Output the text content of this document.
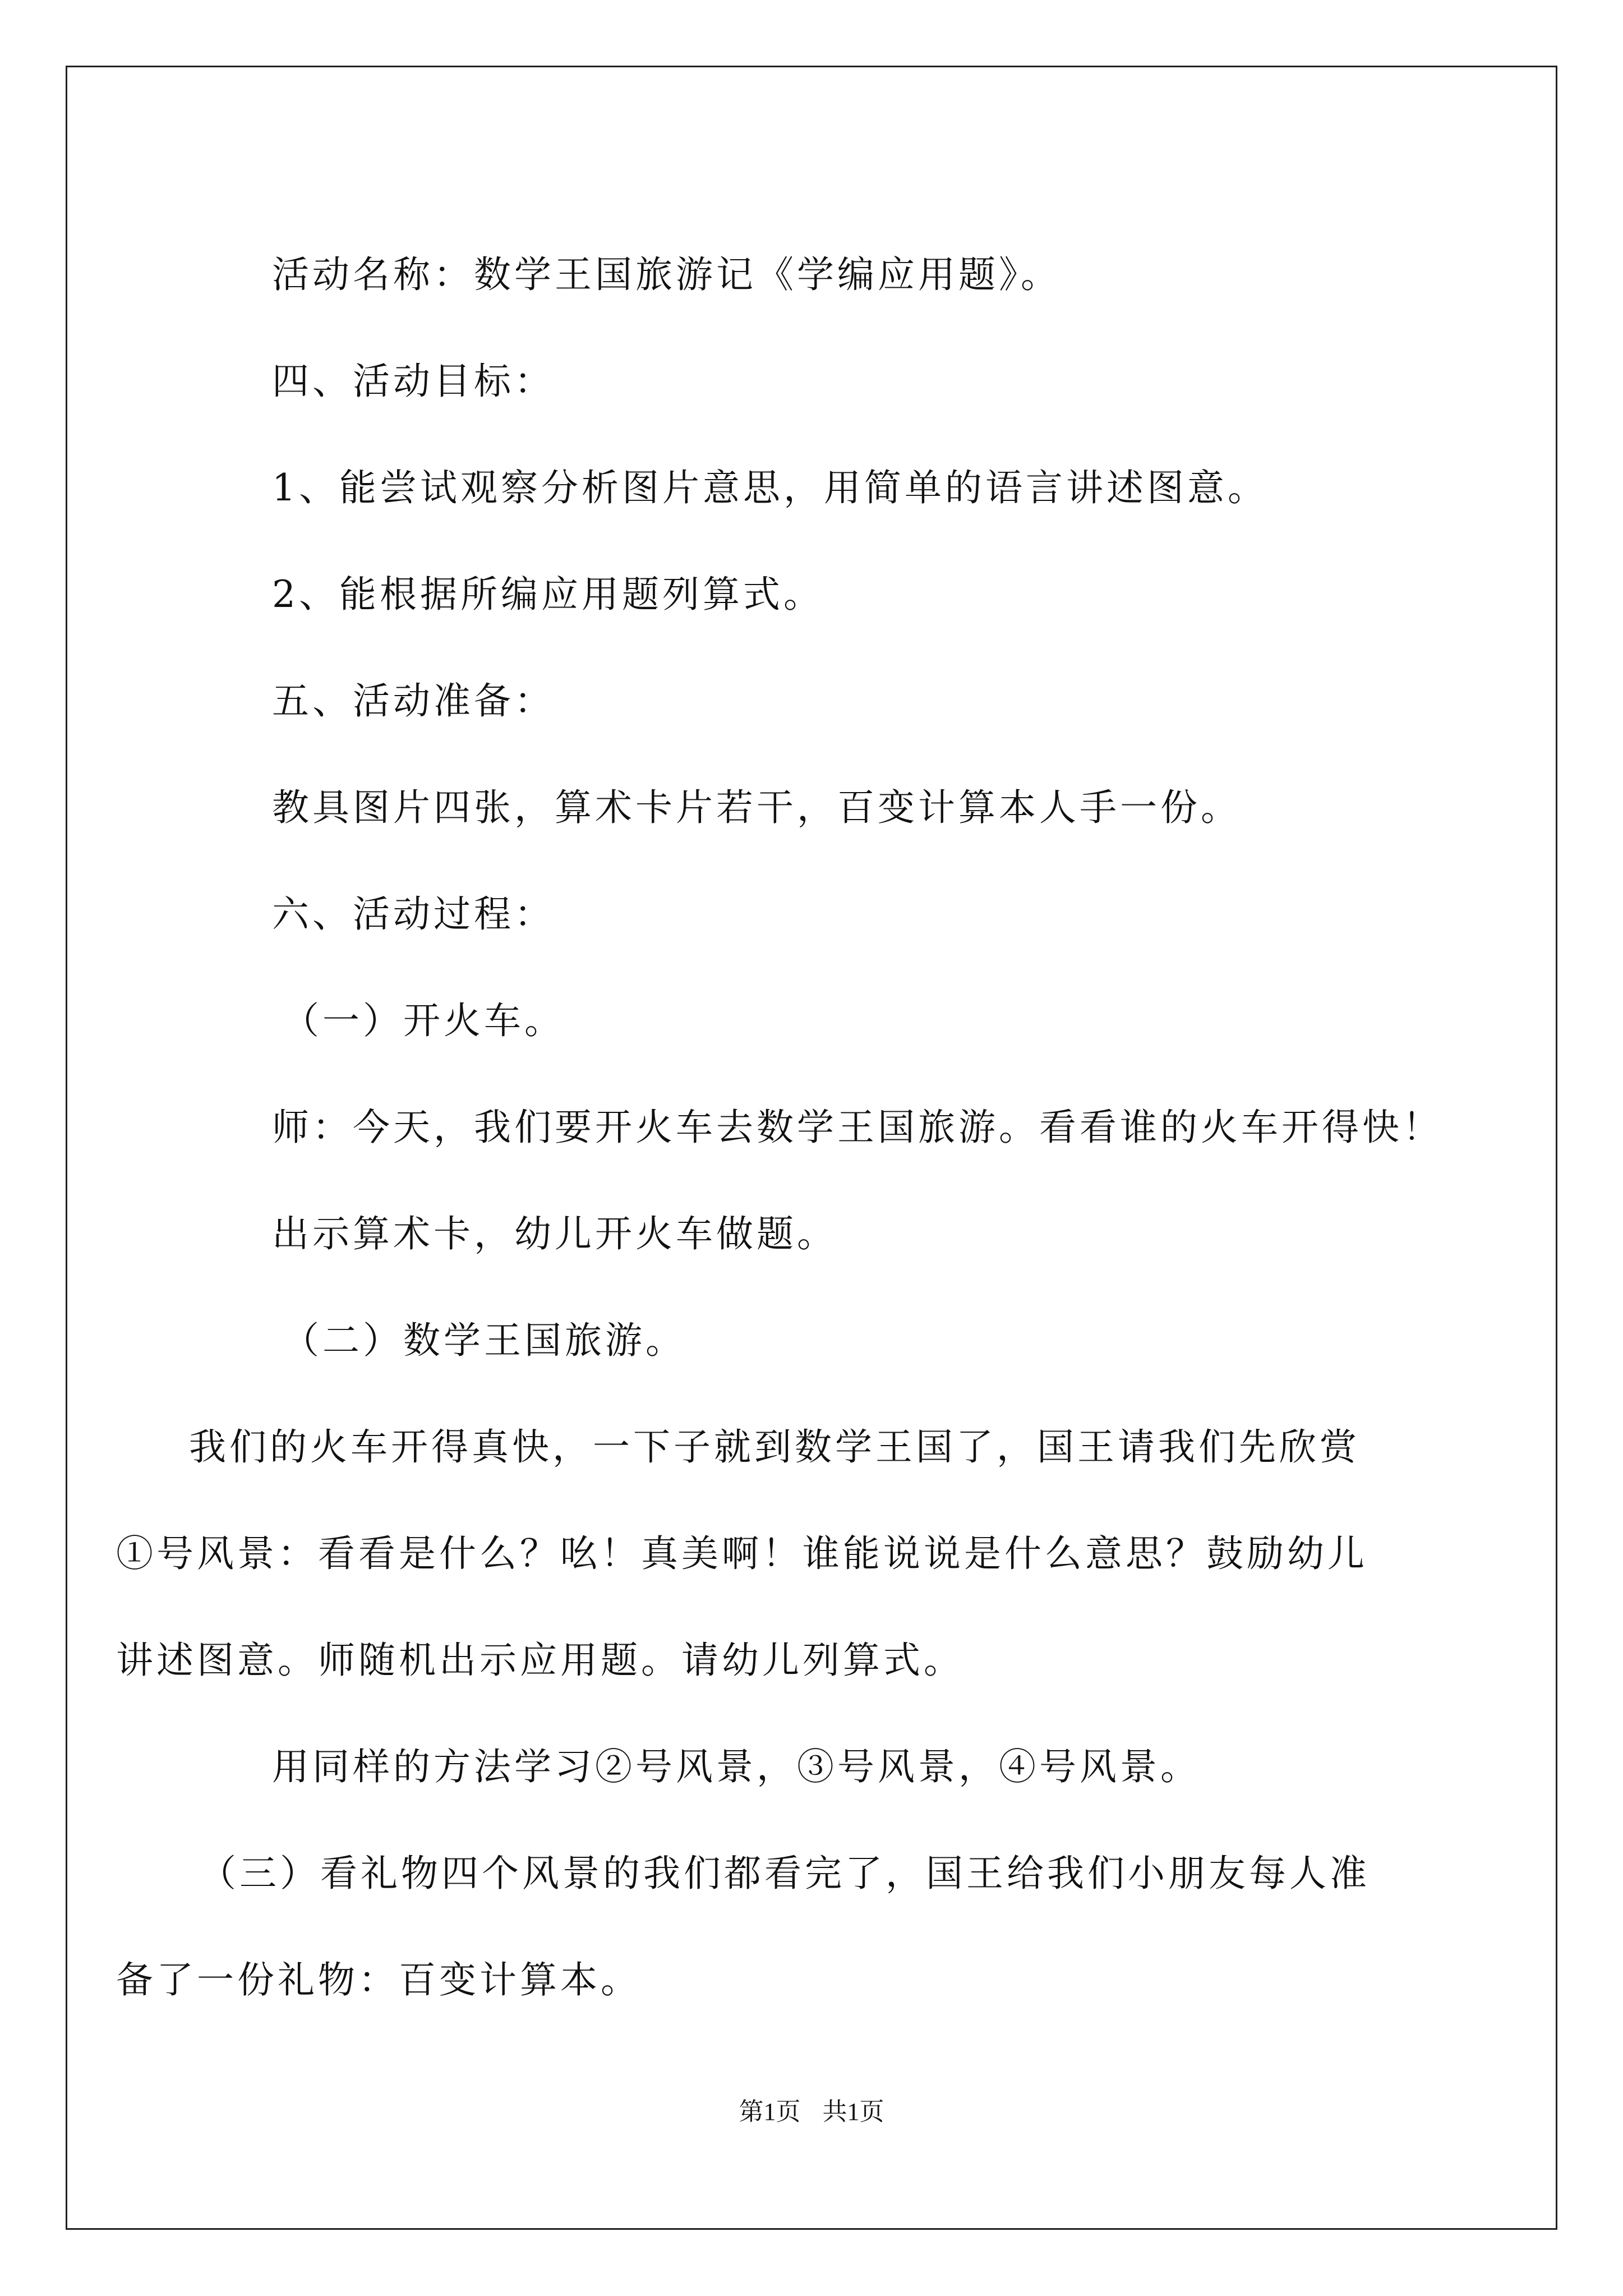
活动名称：数学王国旅游记《学编应用题》。

四、活动目标：

1、能尝试观察分析图片意思，用简单的语言讲述图意。

2、能根据所编应用题列算式。

五、活动准备：

教具图片四张，算术卡片若干，百变计算本人手一份。

六、活动过程：

（一）开火车。

师：今天，我们要开火车去数学王国旅游。看看谁的火车开得快！

出示算术卡，幼儿开火车做题。

（二）数学王国旅游。

我们的火车开得真快，一下子就到数学王国了，国王请我们先欣赏①号风景：看看是什么？吆！真美啊！谁能说说是什么意思？鼓励幼儿讲述图意。师随机出示应用题。请幼儿列算式。

用同样的方法学习②号风景，③号风景，④号风景。

（三）看礼物四个风景的我们都看完了，国王给我们小朋友每人准备了一份礼物：百变计算本。

第1页 共1页
